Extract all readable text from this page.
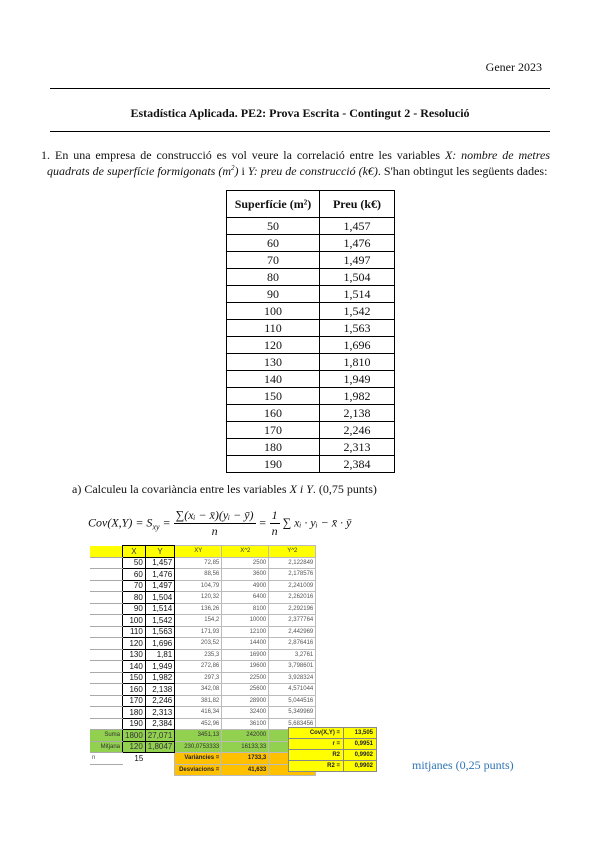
Gener 2023
Estadística Aplicada. PE2: Prova Escrita - Contingut 2 - Resolució
1. En una empresa de construcció es vol veure la correlació entre les variables X: nombre de metres quadrats de superfície formigonats $(m^2)$ i Y: preu de construcció (k€). S'han obtingut les següents dades:
Superfície (m²)	Preu (k€)
50	1,457
60	1,476
70	1,497
80	1,504
90	1,514
100	1,542
110	1,563
120	1,696
130	1,810
140	1,949
150	1,982
160	2,138
170	2,246
180	2,313
190	2,384
a) Calculeu la covariància entre les variables X i Y. (0,75 punts)
$Cov(X,Y) = S_{xy} = \frac{\text{∑(xᵢ − x̄)(yᵢ − ȳ)}}{n} = \frac{1}{n}$ ∑ xᵢ · yᵢ − x̄ · ȳ
	X	Y	XY	X^2	Y^2
	50	1,457	72,85	2500	2,122849
	60	1,476	88,56	3600	2,178576
	70	1,497	104,79	4900	2,241009
	80	1,504	120,32	6400	2,262016
	90	1,514	136,26	8100	2,292196
	100	1,542	154,2	10000	2,377764
	110	1,563	171,93	12100	2,442969
	120	1,696	203,52	14400	2,876416
	130	1,81	235,3	16900	3,2761
	140	1,949	272,86	19600	3,798601
	150	1,982	297,3	22500	3,928324
	160	2,138	342,08	25600	4,571044
	170	2,246	381,82	28900	5,044516
	180	2,313	416,34	32400	5,349969
	190	2,384	452,96	36100	5,683456
Suma	1800	27,071	3451,13	242000	
Mitjana	120	1,8047	230,0753333	16133,33	
n	15		Variàncies =	1733,3	
			Desviacions =	41,633	
Cov(X,Y) =	13,505
r =	0,9951
R2	0,9902
R2 =	0,9902	mitjanes (0,25 punts)
